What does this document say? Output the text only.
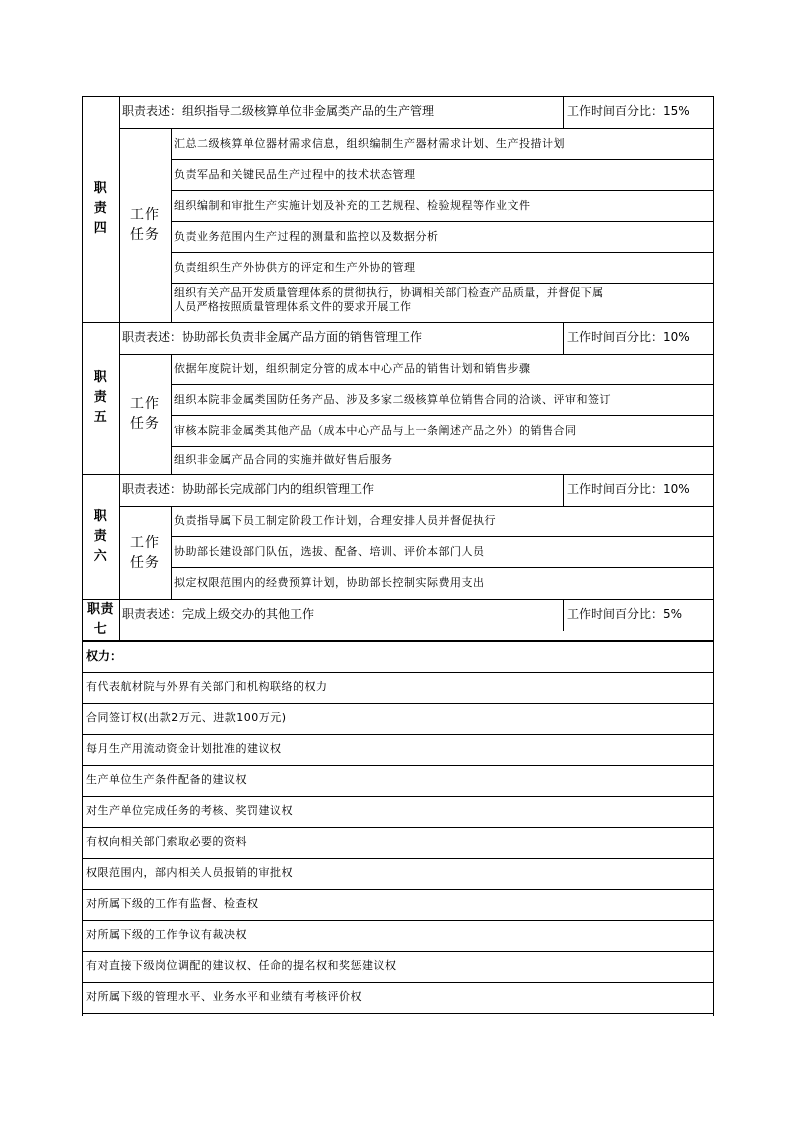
职
责
四
职责表述：组织指导二级核算单位非金属类产品的生产管理	工作时间百分比：15%
工作
任务
汇总二级核算单位器材需求信息，组织编制生产器材需求计划、生产投措计划
负责军品和关键民品生产过程中的技术状态管理
组织编制和审批生产实施计划及补充的工艺规程、检验规程等作业文件
负责业务范围内生产过程的测量和监控以及数据分析
负责组织生产外协供方的评定和生产外协的管理
组织有关产品开发质量管理体系的贯彻执行，协调相关部门检查产品质量，并督促下属
人员严格按照质量管理体系文件的要求开展工作
职
责
五
职责表述：协助部长负责非金属产品方面的销售管理工作	工作时间百分比：10%
工作
任务
依据年度院计划，组织制定分管的成本中心产品的销售计划和销售步骤
组织本院非金属类国防任务产品、涉及多家二级核算单位销售合同的洽谈、评审和签订
审核本院非金属类其他产品（成本中心产品与上一条阐述产品之外）的销售合同
组织非金属产品合同的实施并做好售后服务
职
责
六
职责表述：协助部长完成部门内的组织管理工作	工作时间百分比：10%
工作
任务
负责指导属下员工制定阶段工作计划，合理安排人员并督促执行
协助部长建设部门队伍，选拔、配备、培训、评价本部门人员
拟定权限范围内的经费预算计划，协助部长控制实际费用支出
职责
七
职责表述：完成上级交办的其他工作	工作时间百分比：5%
权力：
有代表航材院与外界有关部门和机构联络的权力
合同签订权(出款2万元、进款100万元)
每月生产用流动资金计划批准的建议权
生产单位生产条件配备的建议权
对生产单位完成任务的考核、奖罚建议权
有权向相关部门索取必要的资料
权限范围内，部内相关人员报销的审批权
对所属下级的工作有监督、检查权
对所属下级的工作争议有裁决权
有对直接下级岗位调配的建议权、任命的提名权和奖惩建议权
对所属下级的管理水平、业务水平和业绩有考核评价权
